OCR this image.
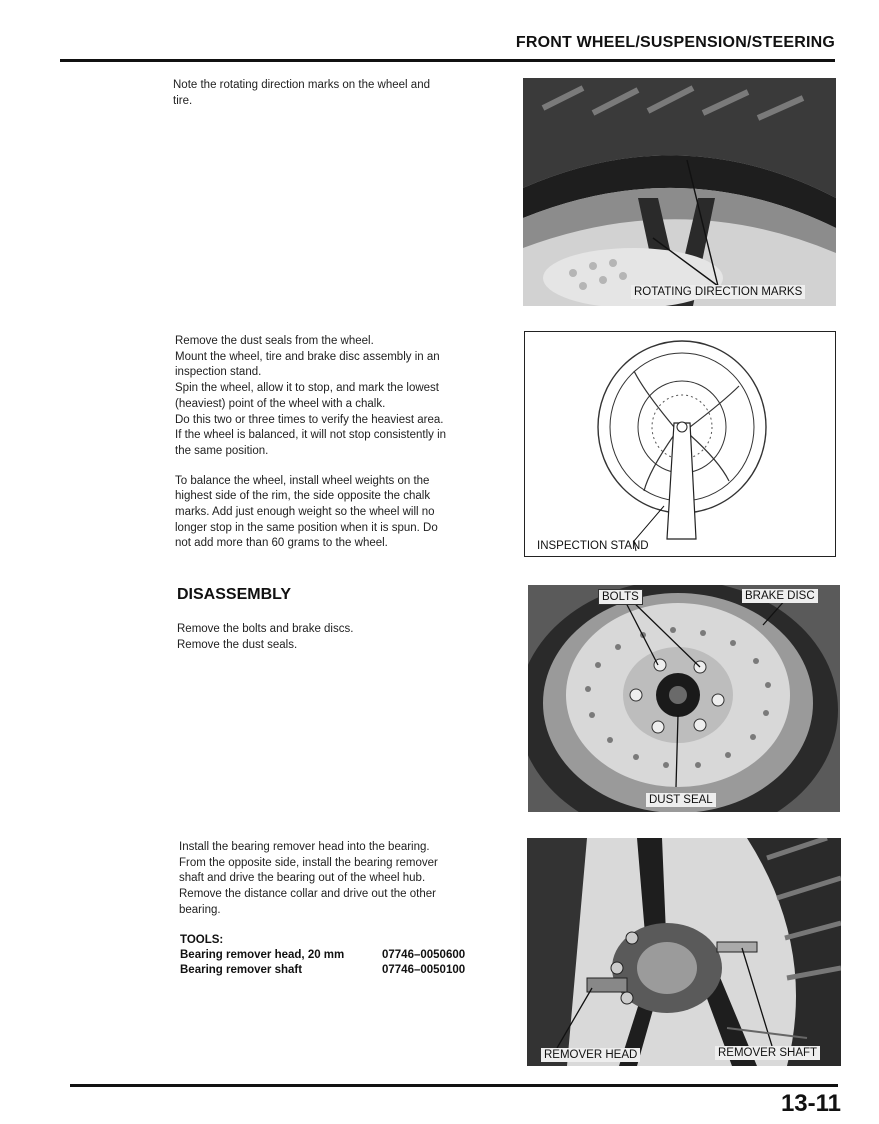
FRONT WHEEL/SUSPENSION/STEERING

Note the rotating direction marks on the wheel and

tire.

ROTATING DIRECTION MARKS

Remove the dust seals from the wheel.

Mount the wheel, tire and brake disc assembly in an

inspection stand.

Spin the wheel, allow it to stop, and mark the lowest

(heaviest) point of the wheel with a chalk.

Do this two or three times to verify the heaviest area.

If the wheel is balanced, it will not stop consistently in

the same position.

To balance the wheel, install wheel weights on the

highest side of the rim, the side opposite the chalk

marks. Add just enough weight so the wheel will no

longer stop in the same position when it is spun. Do

not add more than 60 grams to the wheel.	INSPECTION STAND
DISASSEMBLY

Remove the bolts and brake discs.

Remove the dust seals.

BOLTS	BRAKE DISC
DUST SEAL

Install the bearing remover head into the bearing.

From the opposite side, install the bearing remover

shaft and drive the bearing out of the wheel hub.

Remove the distance collar and drive out the other

bearing.

TOOLS:
Bearing remover head, 20 mm	07746–0050600
Bearing remover shaft	07746–0050100
REMOVER HEAD	REMOVER SHAFT
13-11
